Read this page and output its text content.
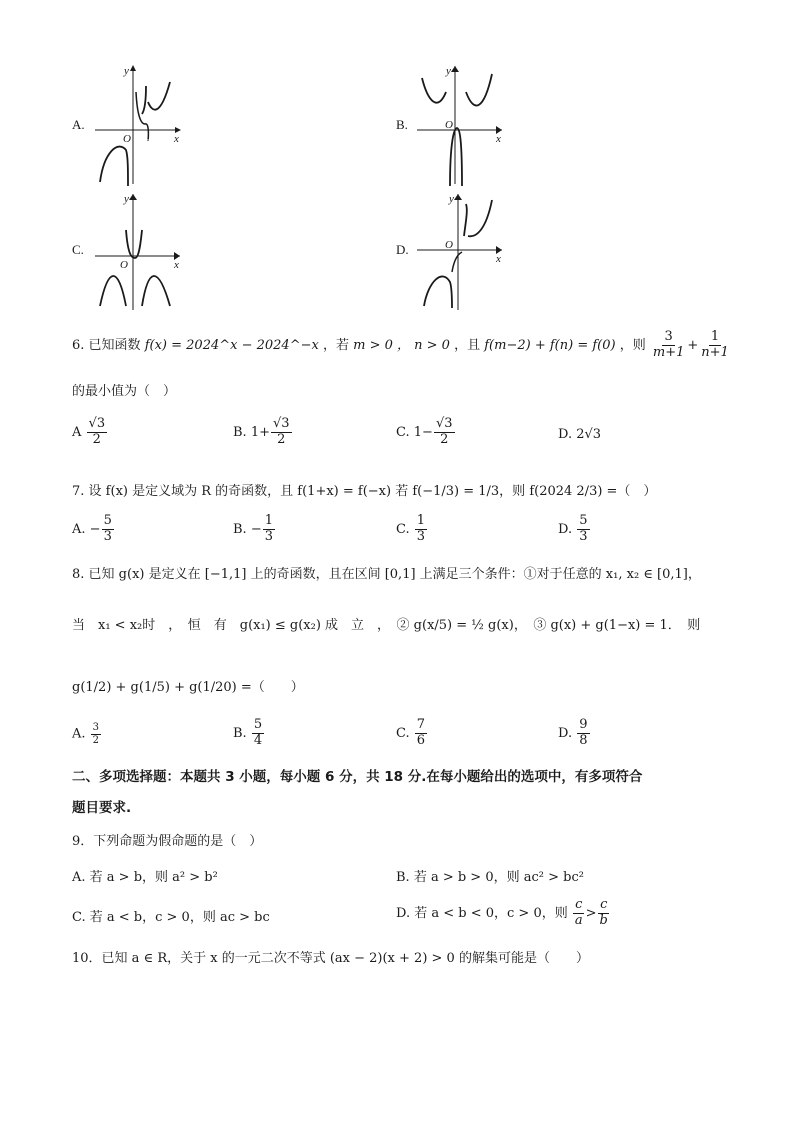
A.
x
y
O
B.
x
y
O
C.
x
y
O
D.
x
y
O
6. 已知函数 f(x) = 2024^x − 2024^−x ，若 m > 0 ， n > 0 ，且 f(m−2) + f(n) = f(0) ，则 $\frac{3}{m+1} + \frac{1}{n+1}$
的最小值为（　）
A $\frac{√3}{2}$	B. $1+ \frac{√3}{2}$	C. $1- \frac{√3}{2}$	D. 2√3
7. 设 f(x) 是定义域为 R 的奇函数，且 f(1+x) = f(−x) 若 f(−1/3) = 1/3，则 f(2024 2/3) =（　）
A. − $\frac{5}{3}$	B. − $\frac{1}{3}$	C. $\frac{1}{3}$	D. $\frac{5}{3}$
8. 已知 g(x) 是定义在 [−1,1] 上的奇函数，且在区间 [0,1] 上满足三个条件：①对于任意的 x₁, x₂ ∈ [0,1]，
当　x₁ < x₂时　，　恒　有　g(x₁) ≤ g(x₂) 成　立　，　② g(x/5) = ½ g(x)，　③ g(x) + g(1−x) = 1．　则
g(1/2) + g(1/5) + g(1/20) =（　　）
A. $\frac{3}{2}$	B. $\frac{5}{4}$	C. $\frac{7}{6}$	D. $\frac{9}{8}$
二、多项选择题：本题共 3 小题，每小题 6 分，共 18 分.在每小题给出的选项中，有多项符合
题目要求.
9．下列命题为假命题的是（　）
A. 若 a > b，则 a² > b²	B. 若 a > b > 0，则 ac² > bc²
C. 若 a < b，c > 0，则 ac > bc	D. 若 a < b < 0，c > 0，则 $\frac{c}{a} > \frac{c}{b}$
10．已知 a ∈ R，关于 x 的一元二次不等式 (ax − 2)(x + 2) > 0 的解集可能是（　　）
